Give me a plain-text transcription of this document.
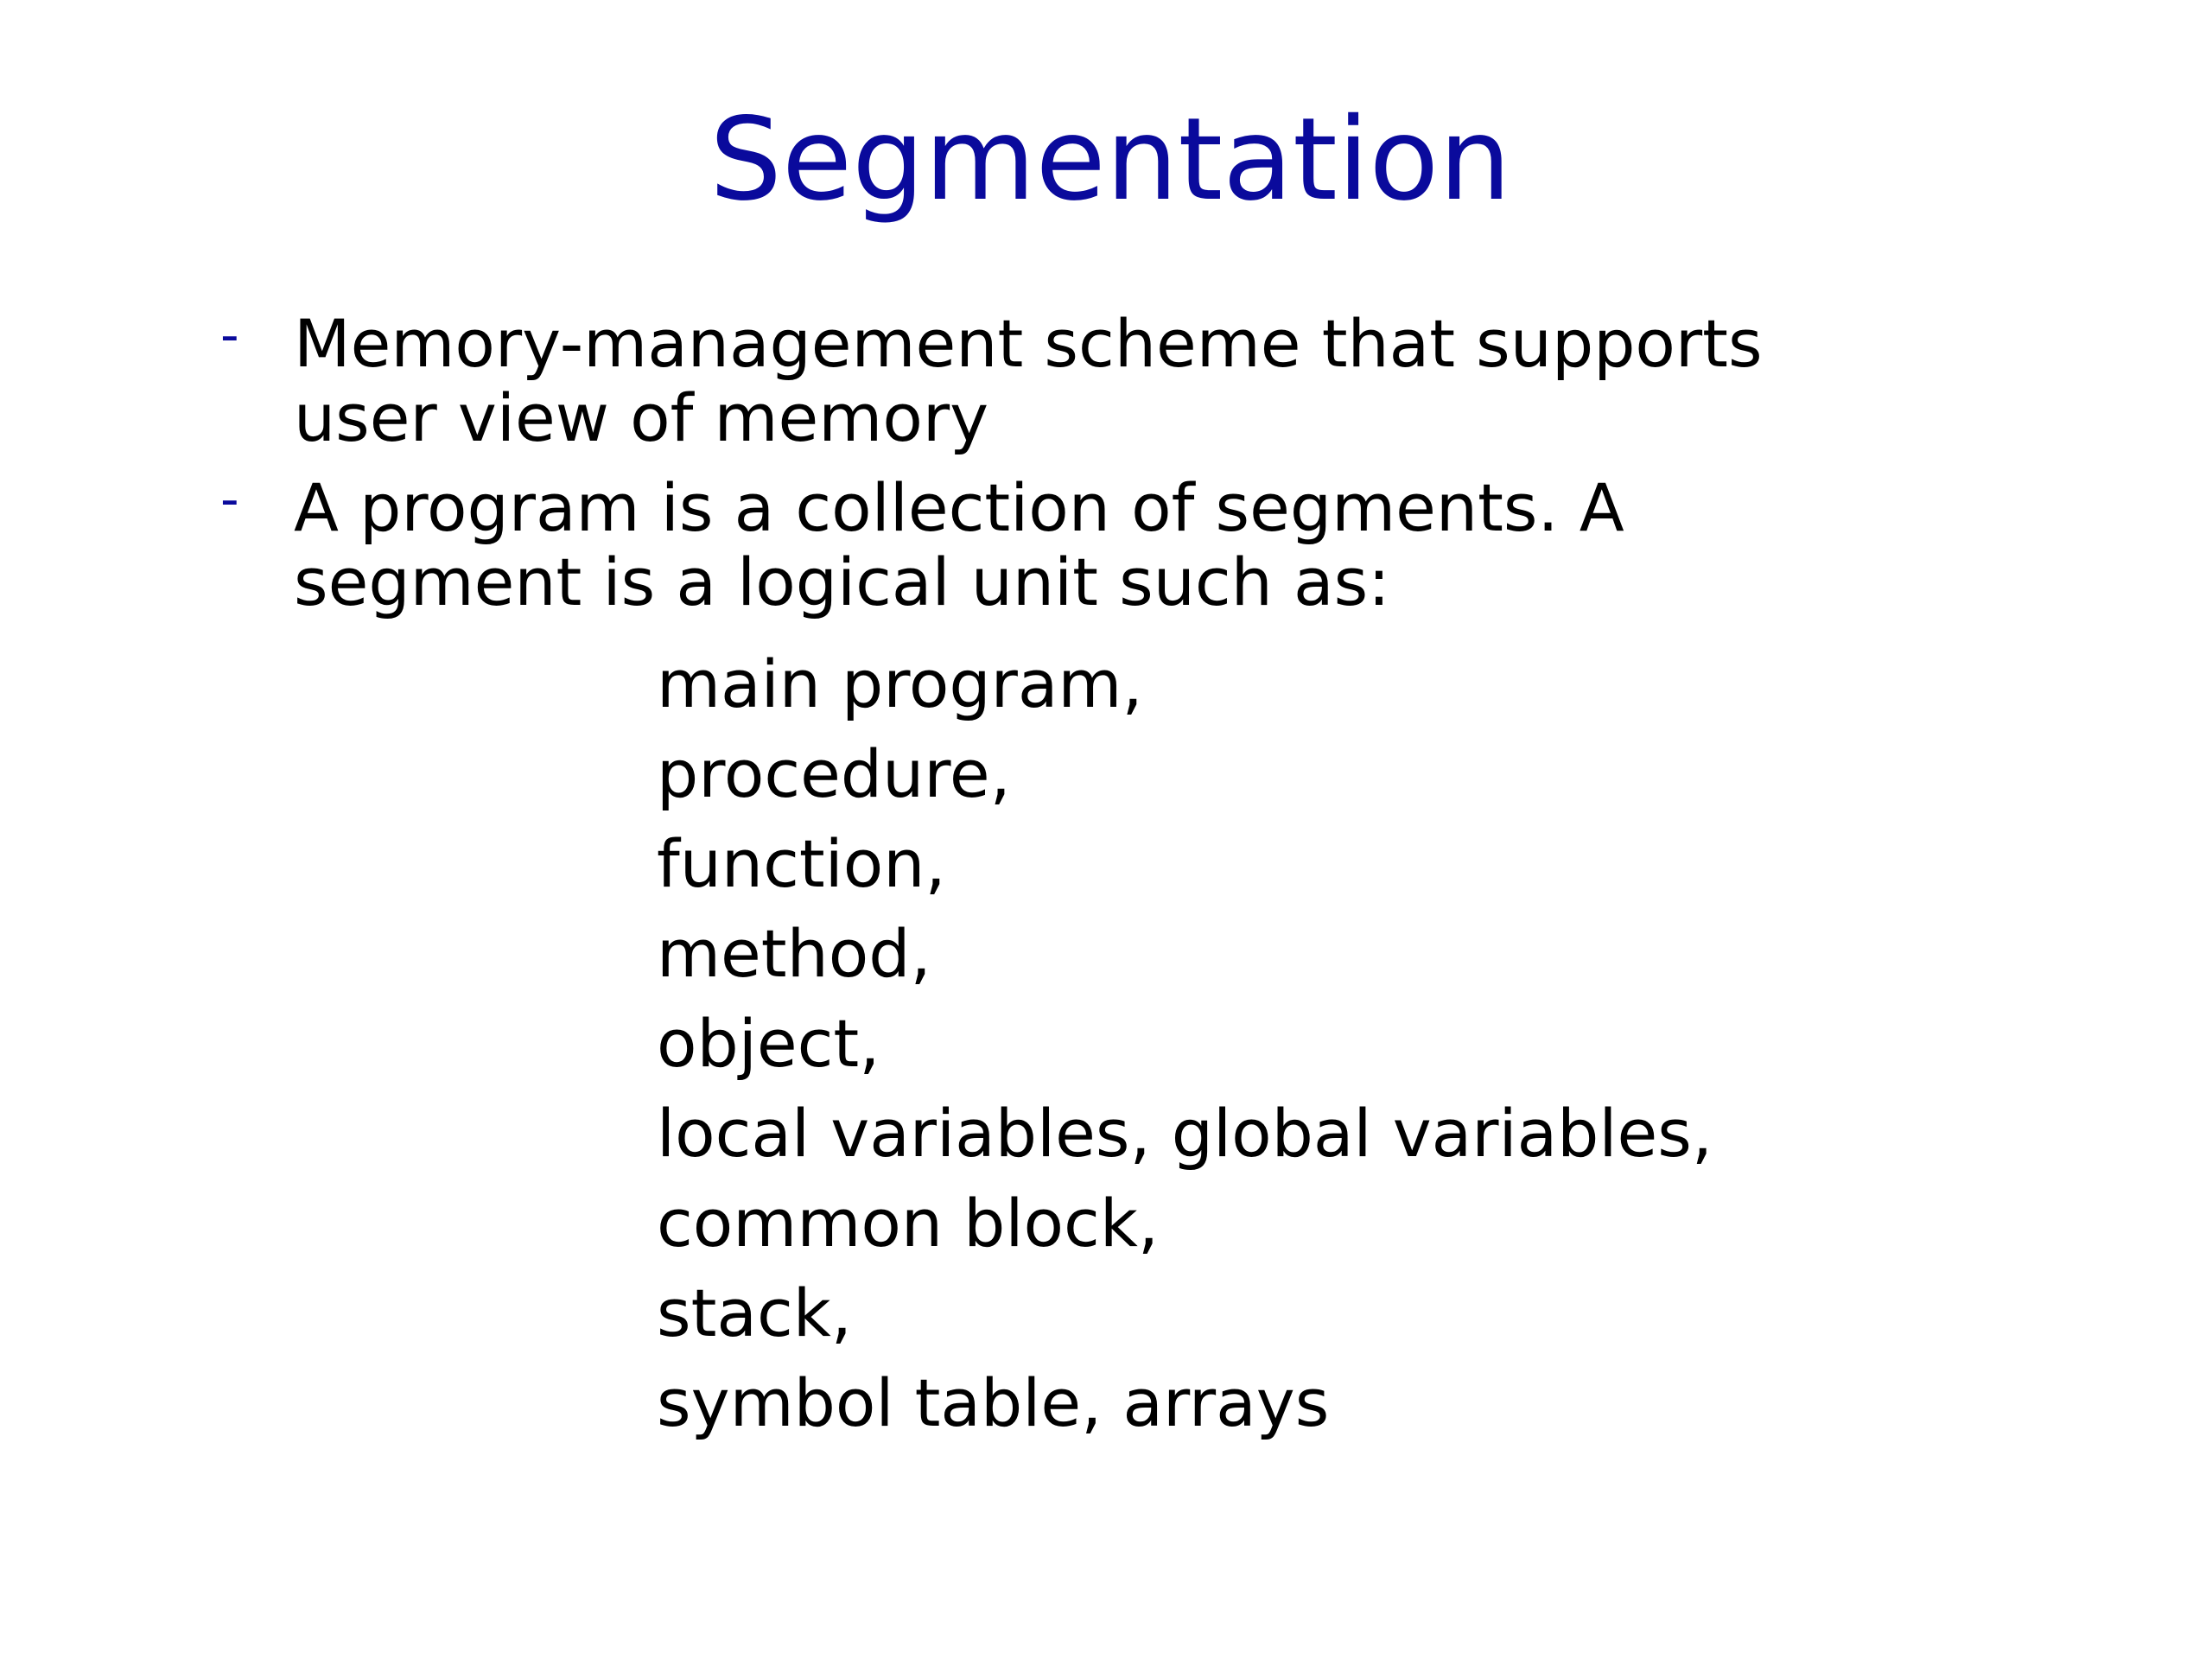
Segmentation
- Memory-management scheme that supports
user view of memory
- A program is a collection of segments. A
segment is a logical unit such as:
main program,
procedure,
function,
method,
object,
local variables, global variables,
common block,
stack,
symbol table, arrays
